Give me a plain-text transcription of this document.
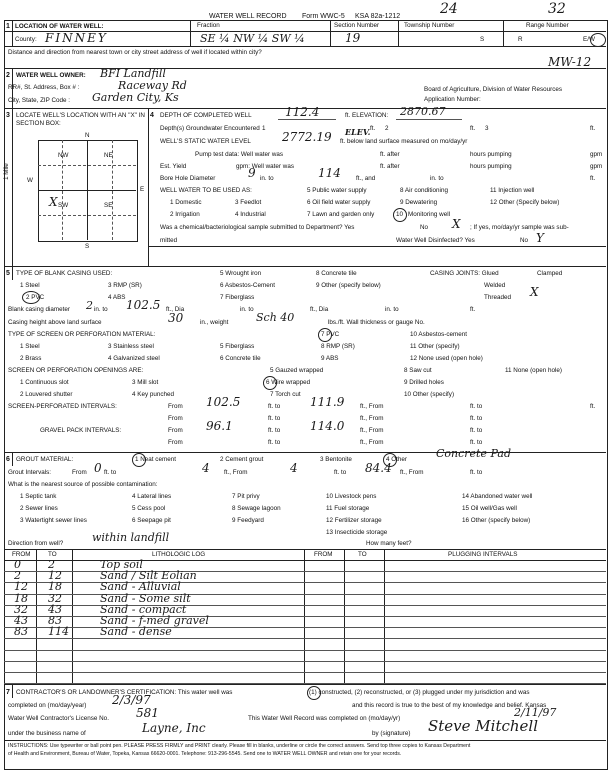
WATER WELL RECORD Form WWC-5 KSA 82a-1212	24	32
1 LOCATION OF WATER WELL:
County: FINNEY
Fraction
SE ¼ NW ¼ SW ¼
Section Number
19
Township Number
S
Range Number
R	E/W
Distance and direction from nearest town or city street address of well if located within city?
MW-12
2 WATER WELL OWNER: BFI Landfill
RR#, St. Address, Box # :	Raceway Rd
City, State, ZIP Code : Garden City, Ks
Board of Agriculture, Division of Water Resources
Application Number:
3 LOCATE WELL'S LOCATION WITH AN "X" IN SECTION BOX:
N
S
E
W
NW	NE
SW	SE
1 Mile
X
4 DEPTH OF COMPLETED WELL	112.4	ft. ELEVATION: 2870.67
Depth(s) Groundwater Encountered 1	ft. 2	ft. 3	ft.
WELL'S STATIC WATER LEVEL	2772.19 ELEV.
ft. below land surface measured on mo/day/yr
Pump test data: Well water was	ft. after	hours pumping	gpm
Est. Yield	gpm: Well water was	ft. after	hours pumping	gpm
Bore Hole Diameter	9 in. to	114 ft., and	in. to	ft.
WELL WATER TO BE USED AS:	5 Public water supply	8 Air conditioning	11 Injection well
1 Domestic	3 Feedlot	6 Oil field water supply	9 Dewatering	12 Other (Specify below)
2 Irrigation	4 Industrial	7 Lawn and garden only	10 Monitoring well
Was a chemical/bacteriological sample submitted to Department? Yes	No X ; If yes, mo/day/yr sample was sub-
mitted	Water Well Disinfected? Yes	No Y
5 TYPE OF BLANK CASING USED:	5 Wrought iron	8 Concrete tile	CASING JOINTS: Glued	Clamped
1 Steel	3 RMP (SR)	6 Asbestos-Cement	9 Other (specify below)	Welded
2 PVC	4 ABS	7 Fiberglass	Threaded X
Blank casing diameter 2 in. to 102.5 ft., Dia	in. to	ft., Dia	in. to	ft.
Casing height above land surface	30	in., weight	Sch 40	lbs./ft. Wall thickness or gauge No.
TYPE OF SCREEN OR PERFORATION MATERIAL:
1 Steel	3 Stainless steel	5 Fiberglass
7 PVC	10 Asbestos-cement
2 Brass	4 Galvanized steel	6 Concrete tile
8 RMP (SR)	11 Other (specify)
9 ABS	12 None used (open hole)
SCREEN OR PERFORATION OPENINGS ARE:	5 Gauzed wrapped	8 Saw cut	11 None (open hole)
1 Continuous slot	3 Mill slot	6 Wire wrapped	9 Drilled holes
2 Louvered shutter	4 Key punched	7 Torch cut	10 Other (specify)
SCREEN-PERFORATED INTERVALS:	From 102.5	ft. to 111.9 ft., From	ft. to	ft.
From	ft. to	ft., From	ft. to
GRAVEL PACK INTERVALS:	From 96.1	ft. to 114.0 ft., From	ft. to
From	ft. to	ft., From	ft. to
6 GROUT MATERIAL:	1 Neat cement	2 Cement grout	3 Bentonite	4 Other	Concrete Pad
Grout Intervals:	From 0 ft. to	4 ft., From	4	ft. to 84.4 ft., From	ft. to
What is the nearest source of possible contamination:
1 Septic tank	4 Lateral lines	7 Pit privy	10 Livestock pens	14 Abandoned water well
2 Sewer lines	5 Cess pool	8 Sewage lagoon	11 Fuel storage	15 Oil well/Gas well
3 Watertight sewer lines	6 Seepage pit	9 Feedyard	12 Fertilizer storage	16 Other (specify below)
13 Insecticide storage
Direction from well?	within landfill	How many feet?
FROM	TO	LITHOLOGIC LOG	FROM	TO	PLUGGING INTERVALS
0 2	Top soil
2 12	Sand / Silt Eolian
12 18	Sand - Alluvial
18 32	Sand - Some silt
32 43	Sand - compact
43 83	Sand - f-med gravel
83 114	Sand - dense
7 CONTRACTOR'S OR LANDOWNER'S CERTIFICATION: This water well was	(1) constructed, (2) reconstructed, or (3) plugged under my jurisdiction and was
completed on (mo/day/year) 2/3/97	and this record is true to the best of my knowledge and belief. Kansas
Water Well Contractor's License No. 581	This Water Well Record was completed on (mo/day/yr)	2/11/97
under the business name of	Layne, Inc	by (signature) Steve Mitchell
INSTRUCTIONS: Use typewriter or ball point pen. PLEASE PRESS FIRMLY and PRINT clearly. Please fill in blanks, underline or circle the correct answers. Send top three copies to Kansas Department
of Health and Environment, Bureau of Water, Topeka, Kansas 66620-0001. Telephone: 913-296-5545. Send one to WATER WELL OWNER and retain one for your records.
